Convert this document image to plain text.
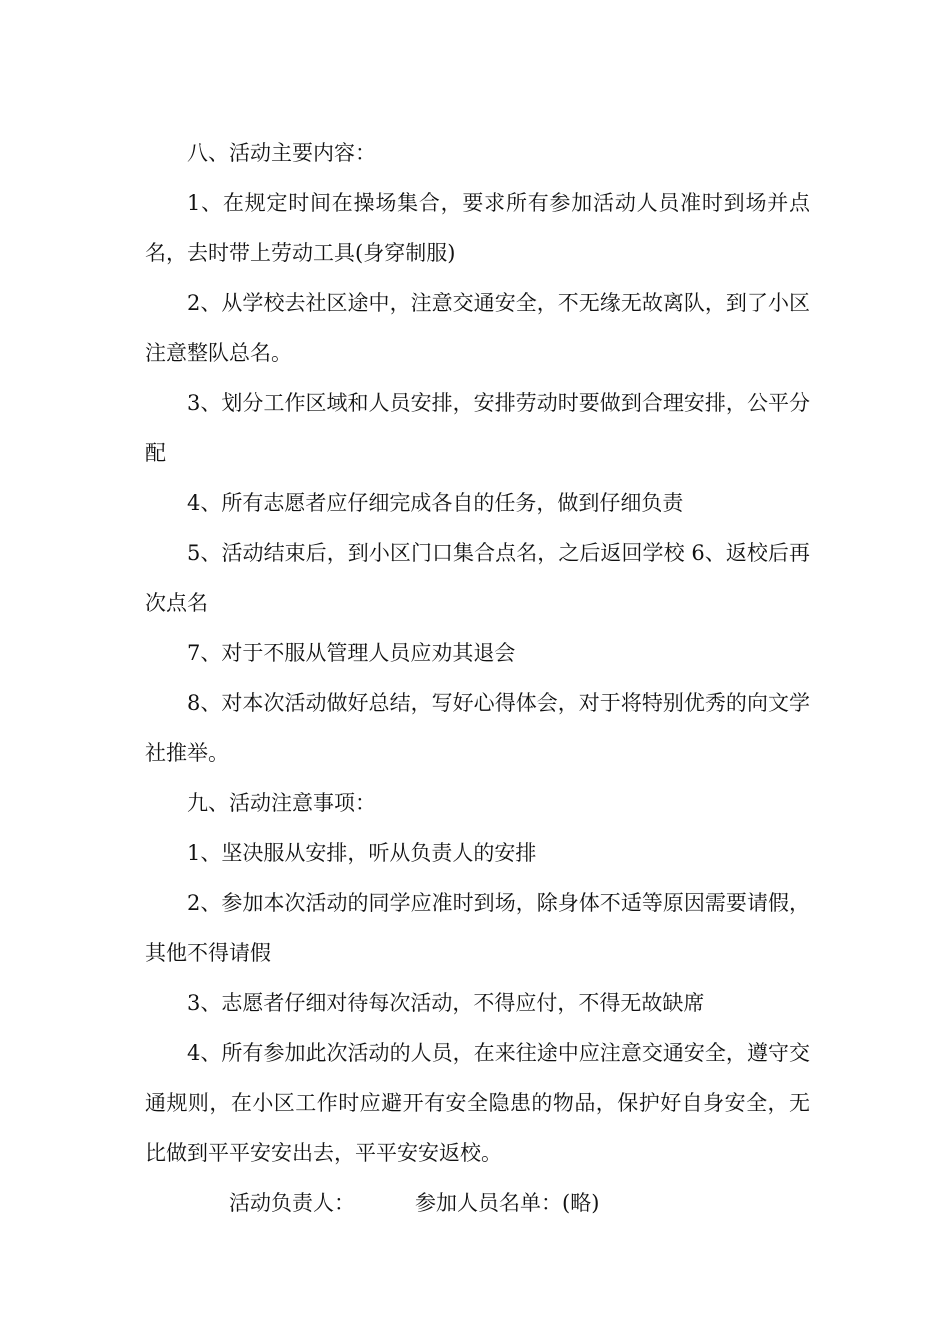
八、活动主要内容：

1、在规定时间在操场集合，要求所有参加活动人员准时到场并点名，去时带上劳动工具(身穿制服)

2、从学校去社区途中，注意交通安全，不无缘无故离队，到了小区注意整队总名。

3、划分工作区域和人员安排，安排劳动时要做到合理安排，公平分配

4、所有志愿者应仔细完成各自的任务，做到仔细负责

5、活动结束后，到小区门口集合点名，之后返回学校 6、返校后再次点名

7、对于不服从管理人员应劝其退会

8、对本次活动做好总结，写好心得体会，对于将特别优秀的向文学社推举。

九、活动注意事项：

1、坚决服从安排，听从负责人的安排

2、参加本次活动的同学应准时到场，除身体不适等原因需要请假，其他不得请假

3、志愿者仔细对待每次活动，不得应付，不得无故缺席

4、所有参加此次活动的人员，在来往途中应注意交通安全，遵守交通规则，在小区工作时应避开有安全隐患的物品，保护好自身安全，无比做到平平安安出去，平平安安返校。

活动负责人：	参加人员名单：(略)
